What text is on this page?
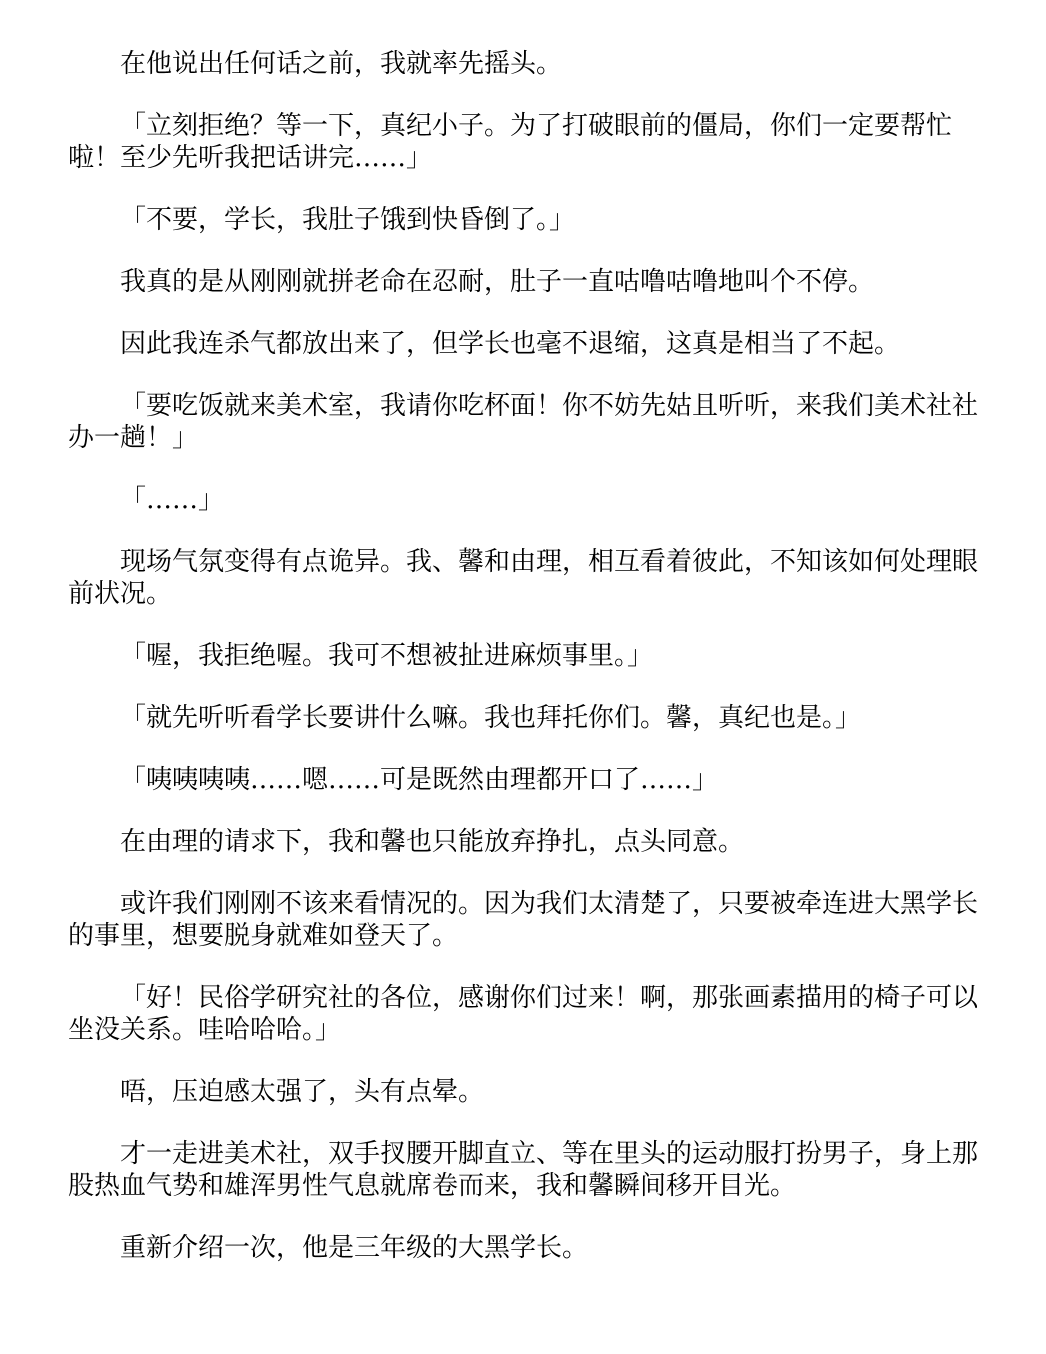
在他说出任何话之前，我就率先摇头。

「立刻拒绝？等一下，真纪小子。为了打破眼前的僵局，你们一定要帮忙啦！至少先听我把话讲完……」

「不要，学长，我肚子饿到快昏倒了。」

我真的是从刚刚就拼老命在忍耐，肚子一直咕噜咕噜地叫个不停。

因此我连杀气都放出来了，但学长也毫不退缩，这真是相当了不起。

「要吃饭就来美术室，我请你吃杯面！你不妨先姑且听听，来我们美术社社办一趟！」

「……」

现场气氛变得有点诡异。我、馨和由理，相互看着彼此，不知该如何处理眼前状况。

「喔，我拒绝喔。我可不想被扯进麻烦事里。」

「就先听听看学长要讲什么嘛。我也拜托你们。馨，真纪也是。」

「咦咦咦咦……嗯……可是既然由理都开口了……」

在由理的请求下，我和馨也只能放弃挣扎，点头同意。

或许我们刚刚不该来看情况的。因为我们太清楚了，只要被牵连进大黑学长的事里，想要脱身就难如登天了。

「好！民俗学研究社的各位，感谢你们过来！啊，那张画素描用的椅子可以坐没关系。哇哈哈哈。」

唔，压迫感太强了，头有点晕。

才一走进美术社，双手扠腰开脚直立、等在里头的运动服打扮男子，身上那股热血气势和雄浑男性气息就席卷而来，我和馨瞬间移开目光。

重新介绍一次，他是三年级的大黑学长。
